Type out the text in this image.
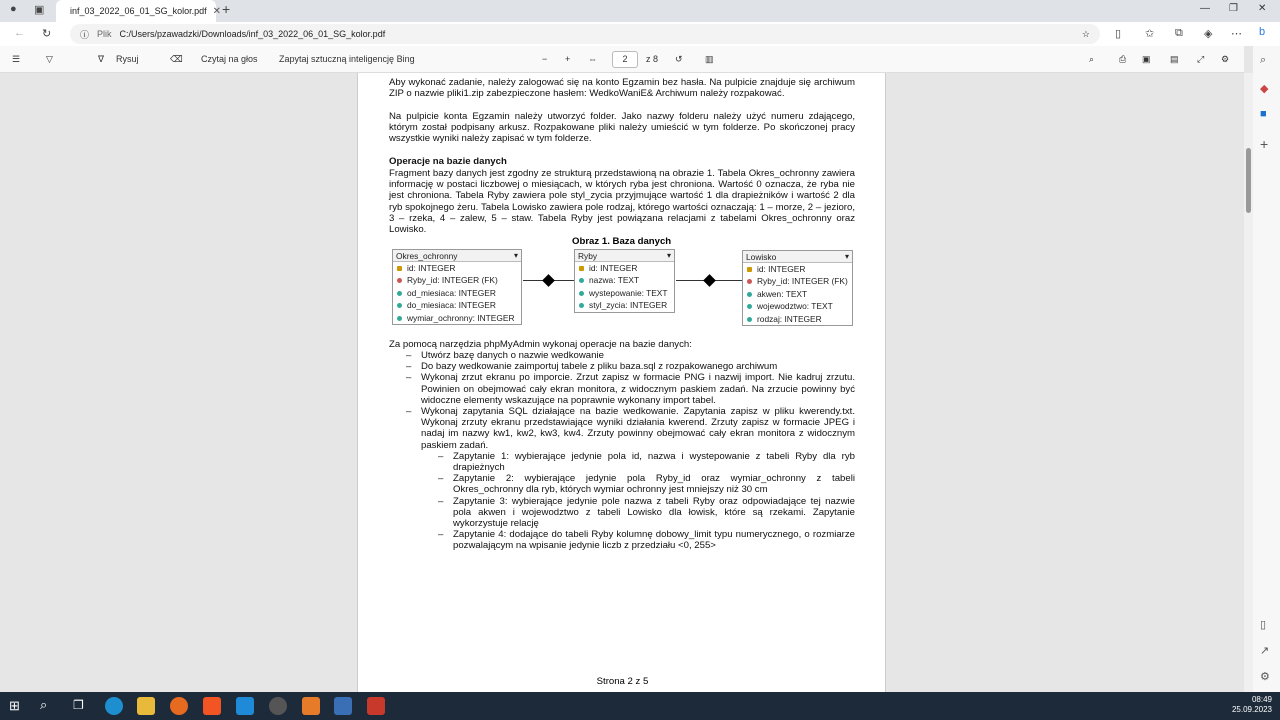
● ▣	inf_03_2022_06_01_SG_kolor.pdf ✕ +	— ❐ ✕
← ↻	ⓘ Plik C:/Users/pzawadzki/Downloads/inf_03_2022_06_01_SG_kolor.pdf	☆ ▯ ✩ ⧉ ◈ ⋯ b
☰	▽	∇ Rysuj	⌫ Czytaj na głos Zapytaj sztuczną inteligencję Bing	− + ⇔	2	z 8 ↺ ▥	⌕	⎙ ▣ ▤ ⤢ ⚙	⌕
◆
■
+
▯
↗
⚙
Aby wykonać zadanie, należy zalogować się na konto Egzamin bez hasła. Na pulpicie znajduje się archiwum ZIP o nazwie pliki1.zip zabezpieczone hasłem: WedkoWaniE& Archiwum należy rozpakować.
Na pulpicie konta Egzamin należy utworzyć folder. Jako nazwy folderu należy użyć numeru zdającego, którym został podpisany arkusz. Rozpakowane pliki należy umieścić w tym folderze. Po skończonej pracy wszystkie wyniki należy zapisać w tym folderze.
Operacje na bazie danych
Fragment bazy danych jest zgodny ze strukturą przedstawioną na obrazie 1. Tabela Okres_ochronny zawiera informację w postaci liczbowej o miesiącach, w których ryba jest chroniona. Wartość 0 oznacza, że ryba nie jest chroniona. Tabela Ryby zawiera pole styl_zycia przyjmujące wartość 1 dla drapieżników i wartość 2 dla ryb spokojnego żeru. Tabela Lowisko zawiera pole rodzaj, którego wartości oznaczają: 1 – morze, 2 – jezioro, 3 – rzeka, 4 – zalew, 5 – staw. Tabela Ryby jest powiązana relacjami z tabelami Okres_ochronny oraz Lowisko.
Obraz 1. Baza danych
Okres_ochronny ▾
id: INTEGER
Ryby_id: INTEGER (FK)
od_miesiaca: INTEGER
do_miesiaca: INTEGER
wymiar_ochronny: INTEGER
Ryby ▾
id: INTEGER
nazwa: TEXT
wystepowanie: TEXT
styl_zycia: INTEGER
Lowisko ▾
id: INTEGER
Ryby_id: INTEGER (FK)
akwen: TEXT
wojewodztwo: TEXT
rodzaj: INTEGER
Za pomocą narzędzia phpMyAdmin wykonaj operacje na bazie danych:
– Utwórz bazę danych o nazwie wedkowanie
– Do bazy wedkowanie zaimportuj tabele z pliku baza.sql z rozpakowanego archiwum
– Wykonaj zrzut ekranu po imporcie. Zrzut zapisz w formacie PNG i nazwij import. Nie kadruj zrzutu. Powinien on obejmować cały ekran monitora, z widocznym paskiem zadań. Na zrzucie powinny być widoczne elementy wskazujące na poprawnie wykonany import tabel.
– Wykonaj zapytania SQL działające na bazie wedkowanie. Zapytania zapisz w pliku kwerendy.txt. Wykonaj zrzuty ekranu przedstawiające wyniki działania kwerend. Zrzuty zapisz w formacie JPEG i nadaj im nazwy kw1, kw2, kw3, kw4. Zrzuty powinny obejmować cały ekran monitora z widocznym paskiem zadań.
– Zapytanie 1: wybierające jedynie pola id, nazwa i wystepowanie z tabeli Ryby dla ryb drapieżnych
– Zapytanie 2: wybierające jedynie pola Ryby_id oraz wymiar_ochronny z tabeli Okres_ochronny dla ryb, których wymiar ochronny jest mniejszy niż 30 cm
– Zapytanie 3: wybierające jedynie pole nazwa z tabeli Ryby oraz odpowiadające tej nazwie pola akwen i wojewodztwo z tabeli Lowisko dla łowisk, które są rzekami. Zapytanie wykorzystuje relację
– Zapytanie 4: dodające do tabeli Ryby kolumnę dobowy_limit typu numerycznego, o rozmiarze pozwalającym na wpisanie jedynie liczb z przedziału <0, 255>
Strona 2 z 5
⊞ ⌕ ❐	08:49
25.09.2023
